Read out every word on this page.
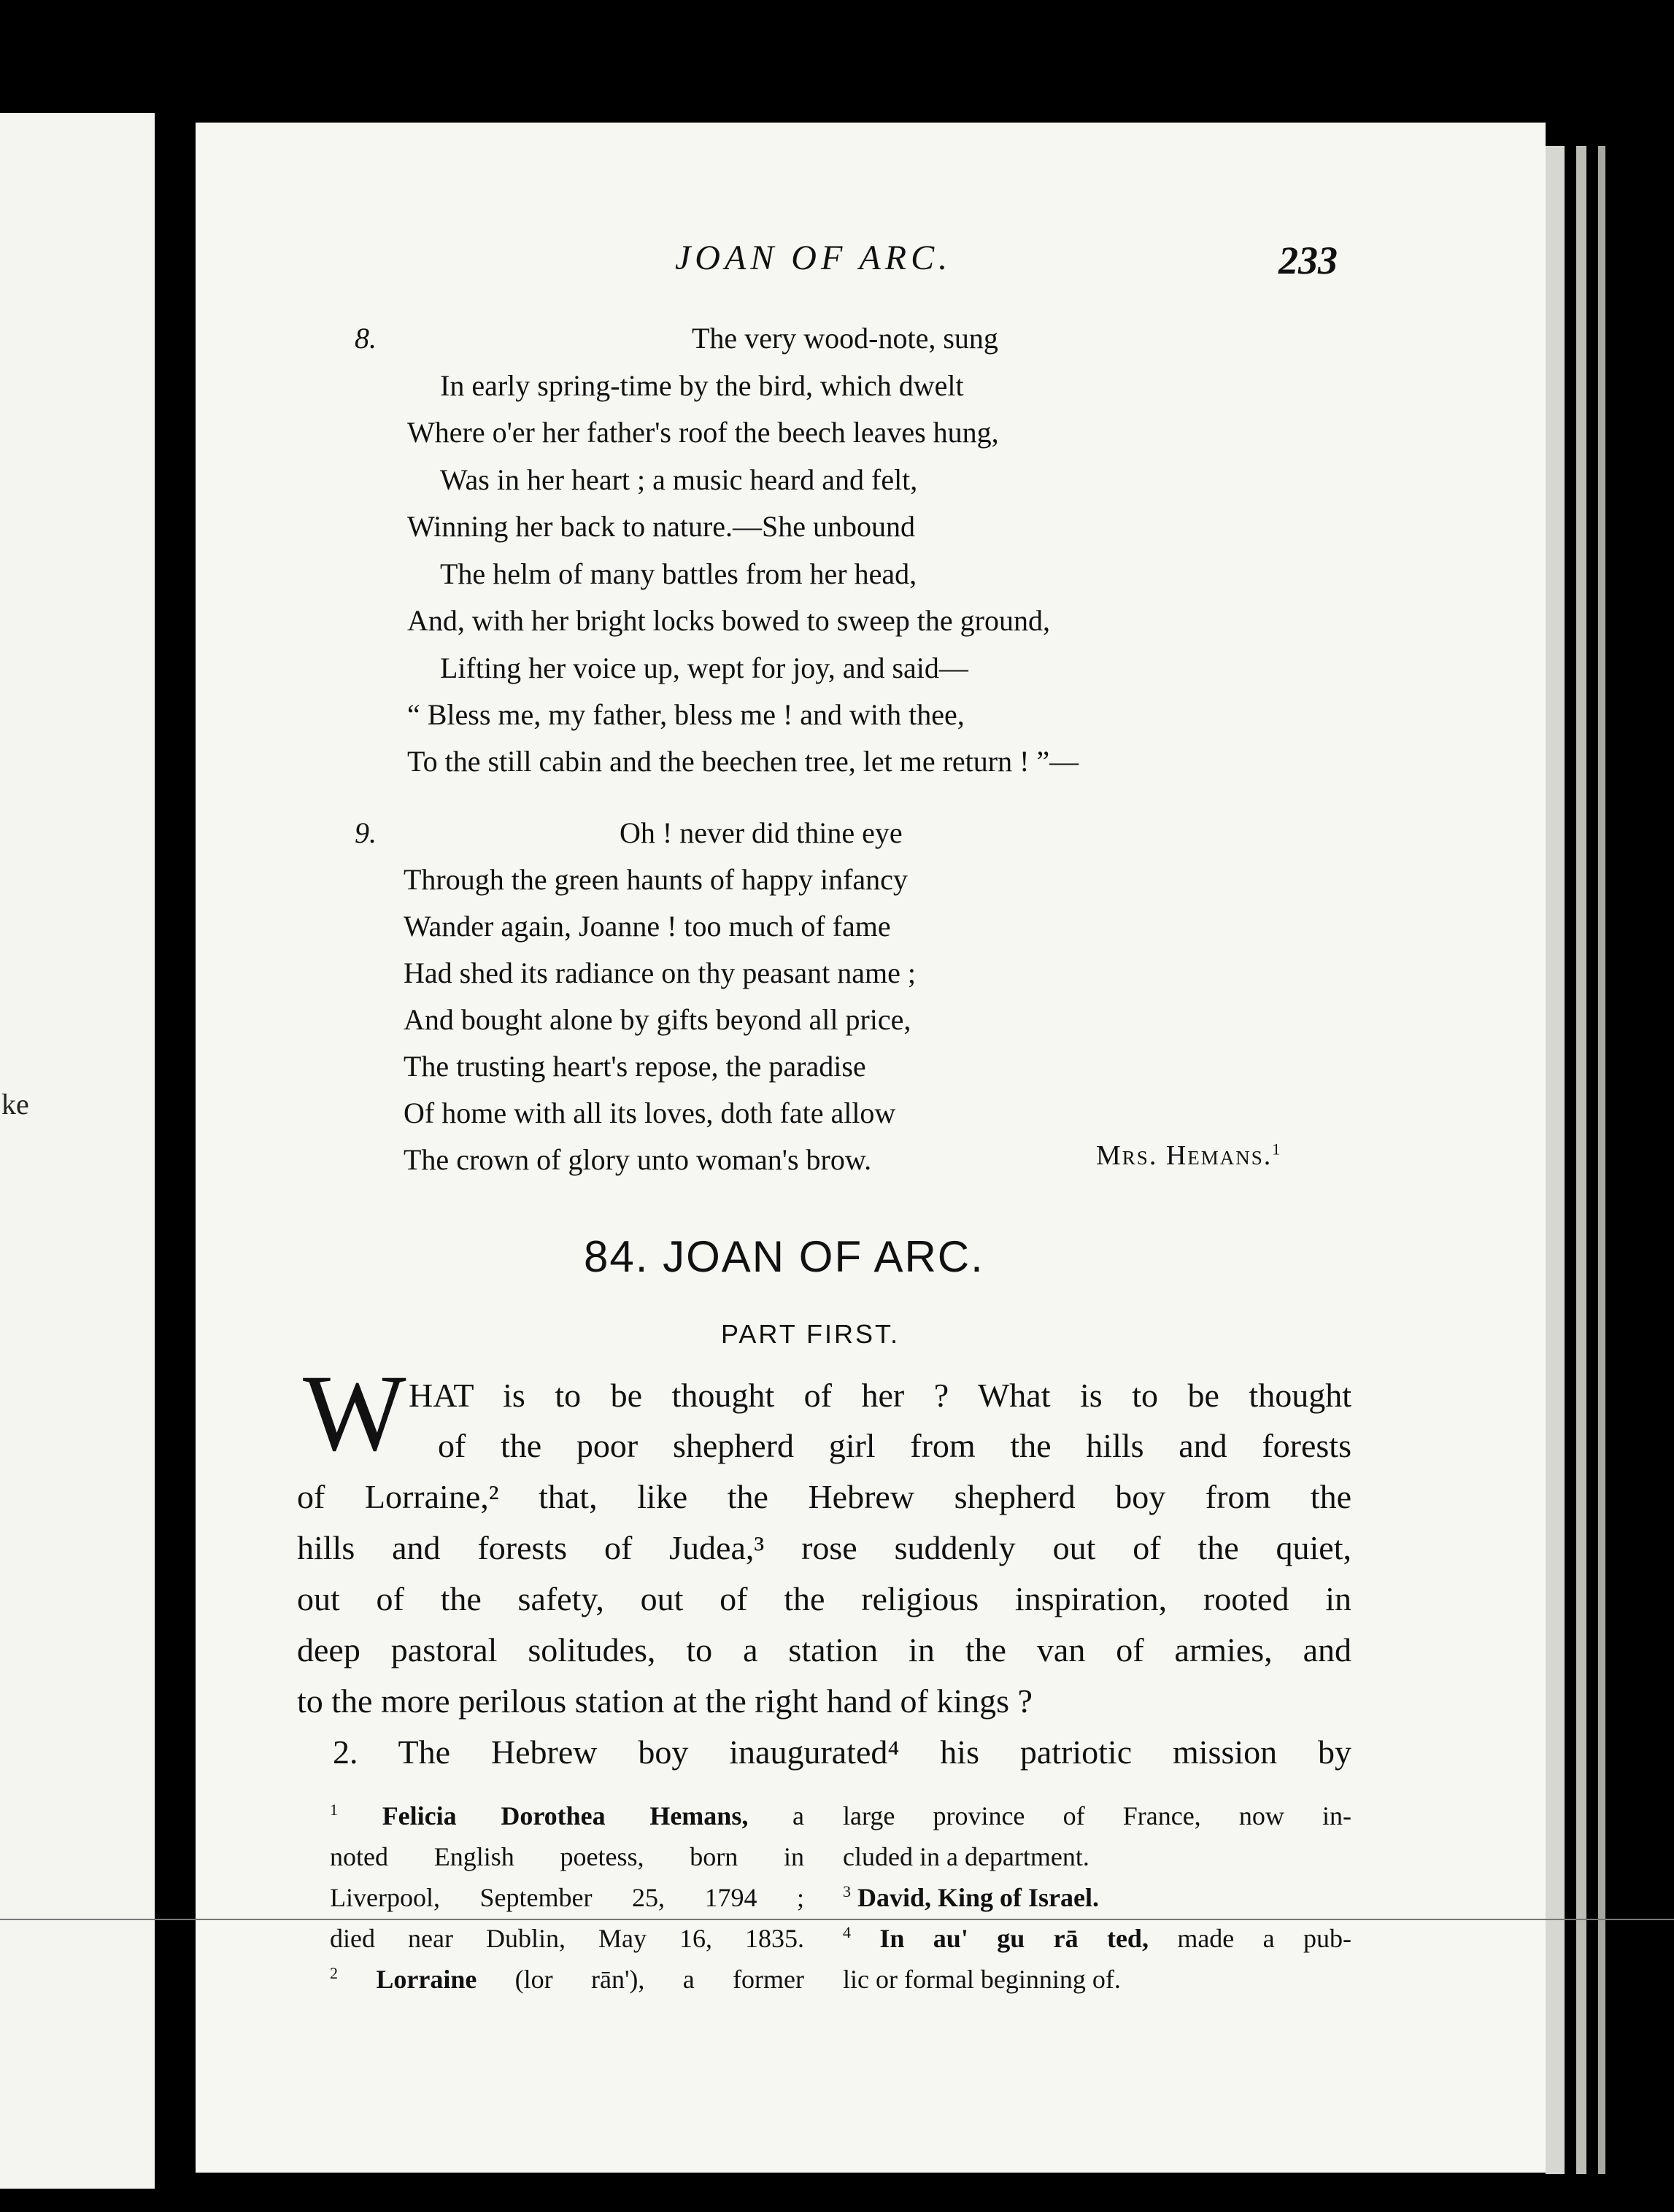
ke
JOAN OF ARC.	233
8.	The very wood-note, sung
In early spring-time by the bird, which dwelt
Where o'er her father's roof the beech leaves hung,
Was in her heart ; a music heard and felt,
Winning her back to nature.—She unbound
The helm of many battles from her head,
And, with her bright locks bowed to sweep the ground,
Lifting her voice up, wept for joy, and said—
“ Bless me, my father, bless me ! and with thee,
To the still cabin and the beechen tree, let me return ! ”—
9.	Oh ! never did thine eye
Through the green haunts of happy infancy
Wander again, Joanne ! too much of fame
Had shed its radiance on thy peasant name ;
And bought alone by gifts beyond all price,
The trusting heart's repose, the paradise
Of home with all its loves, doth fate allow
The crown of glory unto woman's brow.	Mrs. Hemans.$^1$
84. JOAN OF ARC.
PART FIRST.
W HAT is to be thought of her ? What is to be thought
of the poor shepherd girl from the hills and forests
of Lorraine,² that, like the Hebrew shepherd boy from the
hills and forests of Judea,³ rose suddenly out of the quiet,
out of the safety, out of the religious inspiration, rooted in
deep pastoral solitudes, to a station in the van of armies, and
to the more perilous station at the right hand of kings ?
2. The Hebrew boy inaugurated⁴ his patriotic mission by
$^1$ Felicia Dorothea Hemans, a
noted English poetess, born in
Liverpool, September 25, 1794 ;
died near Dublin, May 16, 1835.
$^2$ Lorraine (lor rān'), a former
large province of France, now in-
cluded in a department.
$^3$ David, King of Israel.
$^4$ In au' gu rā ted, made a pub-
lic or formal beginning of.
